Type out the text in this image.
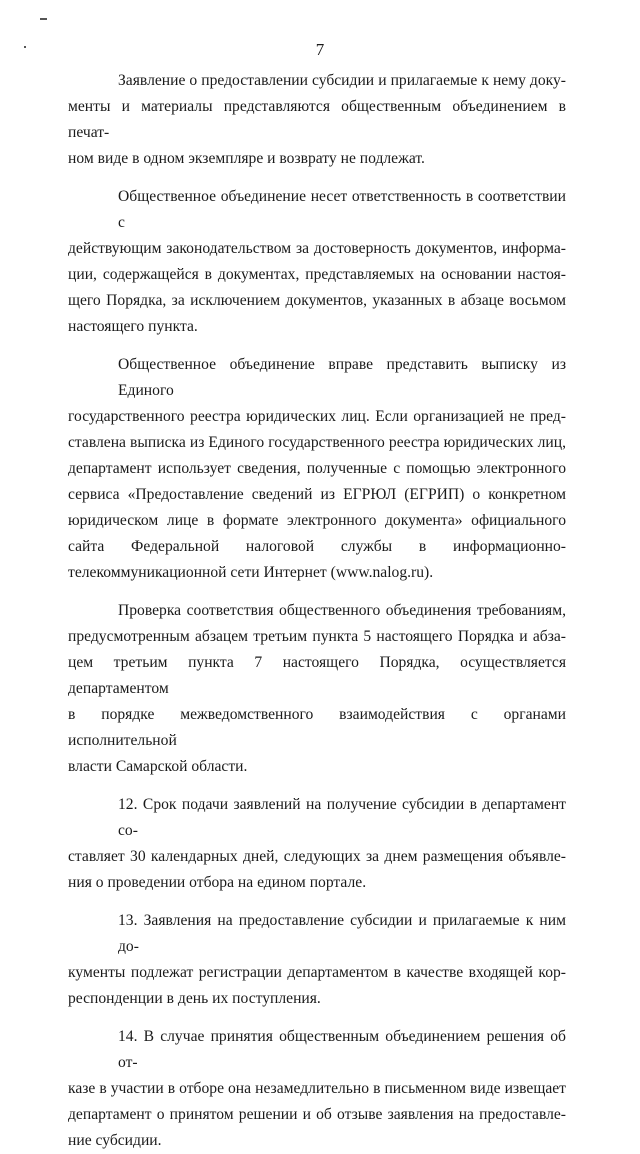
7
Заявление о предоставлении субсидии и прилагаемые к нему доку-
менты и материалы представляются общественным объединением в печат-
ном виде в одном экземпляре и возврату не подлежат.
Общественное объединение несет ответственность в соответствии с
действующим законодательством за достоверность документов, информа-
ции, содержащейся в документах, представляемых на основании настоя-
щего Порядка, за исключением документов, указанных в абзаце восьмом
настоящего пункта.
Общественное объединение вправе представить выписку из Единого
государственного реестра юридических лиц. Если организацией не пред-
ставлена выписка из Единого государственного реестра юридических лиц,
департамент использует сведения, полученные с помощью электронного
сервиса «Предоставление сведений из ЕГРЮЛ (ЕГРИП) о конкретном
юридическом лице в формате электронного документа» официального
сайта Федеральной налоговой службы в информационно-
телекоммуникационной сети Интернет (www.nalog.ru).
Проверка соответствия общественного объединения требованиям,
предусмотренным абзацем третьим пункта 5 настоящего Порядка и абза-
цем третьим пункта 7 настоящего Порядка, осуществляется департаментом
в порядке межведомственного взаимодействия с органами исполнительной
власти Самарской области.
12. Срок подачи заявлений на получение субсидии в департамент со-
ставляет 30 календарных дней, следующих за днем размещения объявле-
ния о проведении отбора на едином портале.
13. Заявления на предоставление субсидии и прилагаемые к ним до-
кументы подлежат регистрации департаментом в качестве входящей кор-
респонденции в день их поступления.
14. В случае принятия общественным объединением решения об от-
казе в участии в отборе она незамедлительно в письменном виде извещает
департамент о принятом решении и об отзыве заявления на предоставле-
ние субсидии.
